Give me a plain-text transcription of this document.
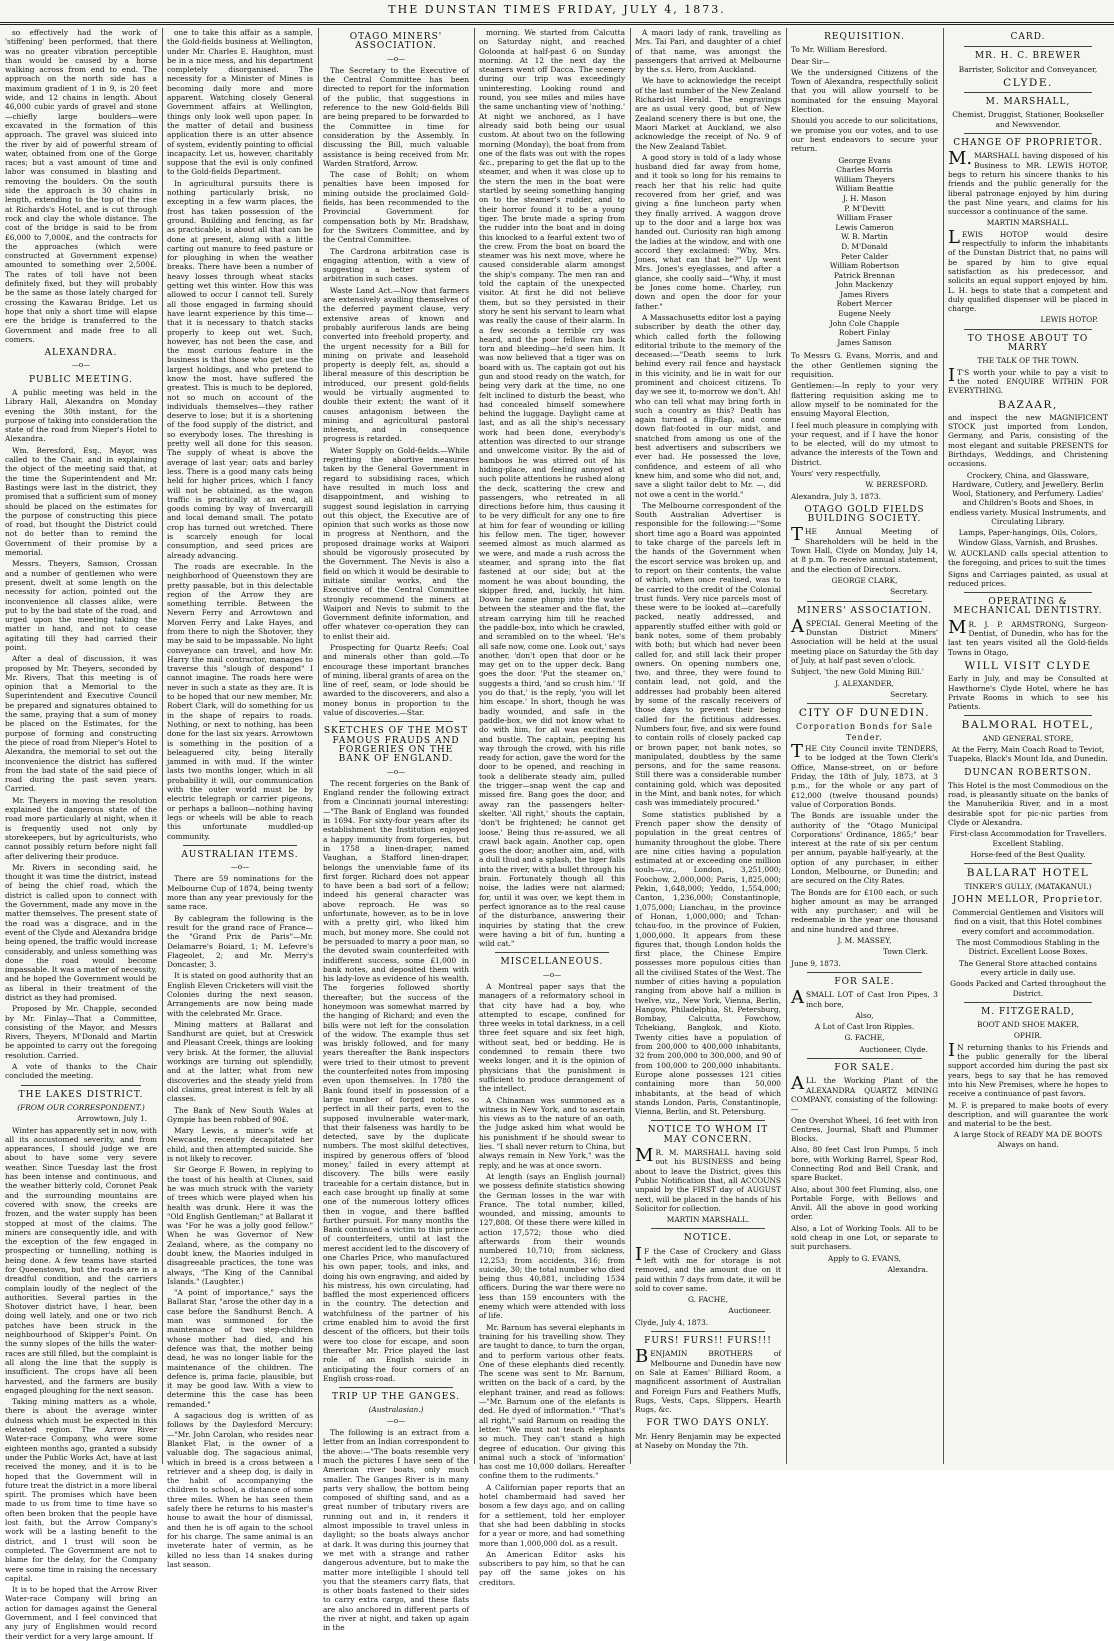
THE DUNSTAN TIMES FRIDAY, JULY 4, 1873.

so effectively had the work of 'stiffening' been performed, that there was no greater vibration perceptible than would be caused by a horse walking across from end to end. The approach on the north side has a maximum gradient of 1 in 9, is 20 feet wide, and 12 chains in length. About 46,000 cubic yards of gravel and stone—chiefly large boulders—were excavated in the formation of this approach. The gravel was sluiced into the river by aid of powerful stream of water, obtained from one of the Gorge races; but a vast amount of time and labor was consumed in blasting and removing the boulders. On the south side the approach is 30 chains in length, extending to the top of the rise at Richards's Hotel, and is cut through rock and clay the whole distance. The cost of the bridge is said to be from £6,000 to 7,000£, and the contracts for the approaches (which were constructed at Government expense) amounted to something over 2,500£. The rates of toll have not been definitely fixed, but they will probably be the same as those lately charged for crossing the Kawarau Bridge. Let us hope that only a short time will elapse ere the bridge is transferred to the Government and made free to all comers.

ALEXANDRA.
—o—
PUBLIC MEETING.

A public meeting was held in the Library Hall, Alexandra on Monday evening the 30th instant, for the purpose of taking into consideration the state of the road from Nieper's Hotel to Alexandra.

Wm. Beresford, Esq., Mayor, was called to the Chair, and in explaining the object of the meeting said that, at the time the Superintendent and Mr. Bastings were last in the district, they promised that a sufficient sum of money should be placed on the estimates for the purpose of constructing this piece of road, but thought the District could not do better than to remind the Government of their promise by a memorial.

Messrs. Theyers, Samson, Crossan and a number of gentlemen who were present, dwelt at some length on the necessity for action, pointed out the inconvenience all classes alike, were put to by the bad state of the road, and urged upon the meeting taking the matter in hand, and not to cease agitating till they had carried their point.

After a deal of discussion, it was proposed by Mr. Theyers, seconded by Mr. Rivers, That this meeting is of opinion that a Memorial to the Superintendent and Executive Council be prepared and signatures obtained to the same, praying that a sum of money be placed on the Estimates, for the purpose of forming and constructing the piece of road from Nieper's Hotel to Alexandra, the memorial to set out the inconvenience the district has suffered from the bad state of the said piece of road during the past seven years. Carried.

Mr. Theyers in moving the resolution explained the dangerous state of the road more particularly at night, when it is frequently used not only by storekeepers, but by agriculturists, who cannot possibly return before night fall after delivering their produce.

Mr. Rivers in seconding said, he thought it was time the district, instead of being the chief road, which the district is called upon to connect with the Government, made any move in the matter themselves. The present state of the road was a disgrace, and in the event of the Clyde and Alexandra bridge being opened, the traffic would increase considerably, and unless something was done the road would become impassable. It was a matter of necessity, and he hoped the Government would be as liberal in their treatment of the district as they had promised.

Proposed by Mr. Chapple, seconded by Mr. Finlay—That a Committee, consisting of the Mayor, and Messrs Rivers, Theyers, M'Donald and Martin be appointed to carry out the foregoing resolution. Carried.

A vote of thanks to the Chair concluded the meeting.

THE LAKES DISTRICT.
(FROM OUR CORRESPONDENT.)

Arrowtown, July 1.

Winter has apparently set in now, with all its accustomed severity, and from appearances, I should judge we are about to have some very severe weather. Since Tuesday last the frost has been intense and continuous, and the weather bitterly cold, Coronet Peak and the surrounding mountains are covered with snow, the creeks are frozen, and the water supply has been stopped at most of the claims. The miners are consequently idle, and with the exception of the few engaged in prospecting or tunnelling, nothing is being done. A few teams have started for Queenstown, but the roads are in a dreadful condition, and the carriers complain loudly of the neglect of the authorities. Several parties in the Shotover district have, I hear, been doing well lately, and one or two rich patches have been struck in the neighbourhood of Skipper's Point. On the sunny slopes of the hills the water-races are still filled, but the complaint is all along the line that the supply is insufficient. The crops have all been harvested, and the farmers are busily engaged ploughing for the next season.

Taking mining matters as a whole, there is about the average winter dulness which must be expected in this elevated region. The Arrow River Water-race Company, who were some eighteen months ago, granted a subsidy under the Public Works Act, have at last received the money, and it is to be hoped that the Government will in future treat the district in a more liberal spirit. The promises which have been made to us from time to time have so often been broken that the people have lost faith, but the Arrow Company's work will be a lasting benefit to the district, and I trust will soon be completed. The Government are not to blame for the delay, for the Company were some time in raising the necessary capital.

It is to be hoped that the Arrow River Water-race Company will bring an action for damages against the General Government, and I feel convinced that any jury of Englishmen would record their verdict for a very large amount. If

one to take this affair as a sample, the Gold-fields business at Wellington, under Mr. Charles E. Haughton, must be in a nice mess, and his department completely disorganised. The necessity for a Minister of Mines is becoming daily more and more apparent. Watching closely General Government affairs at Wellington, things only look well upon paper. In the matter of detail and business application there is an utter absence of system, evidently pointing to official incapacity. Let us, however, charitably suppose that the evil is only confined to the Gold-fields Department.

In agricultural pursuits there is nothing particularly brisk, no excepting in a few warm places, the frost has taken possession of the ground. Building and fencing, as far as practicable, is about all that can be done at present, along with a little carting out manure to feed pasture or for ploughing in when the weather breaks. There have been a number of heavy losses through wheat stacks getting wet this winter. How this was allowed to occur I cannot tell. Surely all those engaged in farming should have learnt experience by this time—that it is necessary to thatch stacks properly to keep out wet. Such, however, has not been the case, and the most curious feature in the business is that those who get use the largest holdings, and who pretend to know the most, have suffered the greatest. This is much to be deplored, not so much on account of the individuals themselves—they rather deserve to lose; but it is a shortening of the food supply of the district, and so everybody loses. The threshing is pretty well all done for this season. The supply of wheat is above the average of last year; oats and barley less. There is a good many cats being held for higher prices, which I fancy will not be obtained, as the wagon traffic is practically at an end, all goods coming by way of Invercargill and local demand small. The potato crop has turned out wretched. There is scarcely enough for local consumption, and seed prices are already advancing.

The roads are execrable. In the neighborhood of Queenstown they are pretty passable, but in this delectable region of the Arrow they are something terrible. Between the Nevern Ferry and Arrowtown and Morven Ferry and Lake Hayes, and from there to nigh the Shotover, they may be said to be impassable. No light conveyance can travel, and how Mr. Harry the mail contractor, manages to traverse this "slough of despond" I cannot imagine. The roads here were never in such a state as they are. It is to be hoped that our new member, Mr. Robert Clark, will do something for us in the shape of repairs to roads. Nothing, or next to nothing, has been done for the last six years. Arrowtown is something in the position of a beleaguered city, being literally jammed in with mud. If the winter lasts two months longer, which in all probability it will, our communication with the outer world must be by electric telegraph or carrier pigeons, or perhaps a balloon—nothing having legs or wheels will be able to reach this unfortunate muddled-up community.

AUSTRALIAN ITEMS.
—o—

There are 59 nominations for the Melbourne Cup of 1874, being twenty more than any year previously for the same race.

By cablegram the following is the result for the grand race of France—the "Grand Prix de Paris"—Mr. Delamarre's Boiard, 1; M. Lefevre's Flageolet, 2; and Mr. Merry's Doncaster, 3.

It is stated on good authority that an English Eleven Cricketers will visit the Colonies during the next season. Arrangements are now being made with the celebrated Mr. Grace.

Mining matters at Ballarat and Sandhurst are quiet, but at Creswick and Pleasant Creek, things are looking very brisk. At the former, the alluvial workings are turning out splendidly, and at the latter, what from new discoveries and the steady yield from old claims, great interest is felt by all classes.

The Bank of New South Wales at Gympie has been robbed of 90£.

Mary Lewis, a miner's wife at Newcastle, recently decapitated her child, and then attempted suicide. She is not likely to recover.

Sir George F. Bowen, in replying to the toast of his health at Clunes, said he was much struck with the variety of trees which were played when his health was drunk. Here it was the "Old English Gentleman;" at Ballarat it was "For he was a jolly good fellow." When he was Governor of New Zealand, where, as the company no doubt knew, the Maories indulged in disagreeable practices, the tone was always, "The King of the Cannibal Islands." (Laughter.)

"A point of importance," says the Ballarat Star, "arose the other day in a case before the Sandhurst Bench. A man was summoned for the maintenance of two step-children whose mother had died, and his defence was that, the mother being dead, he was no longer liable for the maintenance of the children. The defence is, prima facie, plausible, but it may be good law. With a view to determine this the case has been remanded."

A sagacious dog is written of as follows by the Daylesford Mercury:—"Mr. John Carolan, who resides near Blanket Flat, is the owner of a valuable dog. The sagacious animal, which in breed is a cross between a retriever and a sheep dog, is daily in the habit of accompanying the children to school, a distance of some three miles. When he has seen them safely there he returns to his master's house to await the hour of dismissal, and then he is off again to the school for his charge. The same animal is an inveterate hater of vermin, as he killed no less than 14 snakes during last season.

OTAGO MINERS' ASSOCIATION.
—o—

The Secretary to the Executive of the Central Committee has been directed to report for the information of the public, that suggestions in reference to the new Gold-fields Bill are being prepared to be forwarded to the Committee in time for consideration by the Assembly. In discussing the Bill, much valuable assistance is being received from Mr. Warden Stratford, Arrow.

The case of Bohlt; on whom penalties have been imposed for mining outside the proclaimed Gold-fields, has been recommended to the Provincial Government for compensation both by Mr. Bradshaw, for the Switzers Committee, and by the Central Committee.

The Cardrona arbitration case is engaging attention, with a view of suggesting a better system of arbitration in such cases.

Waste Land Act.—Now that farmers are extensively availing themselves of the deferred payment clause, very extensive areas of known and probably auriferous lands are being converted into freehold property, and the urgent necessity for a Bill for mining on private and leasehold property is deeply felt, as, should a liberal measure of this description be introduced, our present gold-fields would be virtually augmented to double their extent; the want of it causes antagonism between the mining and agricultural pastoral interests, and in consequence progress is retarded.

Water Supply on Gold-fields.—While regretting the abortive measures taken by the General Government in regard to subsidising races, which have resulted in much loss and disappointment, and wishing to suggest sound legislation in carrying out this object, the Executive are of opinion that such works as those now in progress at Nenthorn, and the proposed drainage works at Waipori should be vigorously prosecuted by the Government. The Nevis is also a field on which it would be desirable to initiate similar works, and the Executive of the Central Committee strongly recommend the miners at Waipori and Nevis to submit to the Government definite information, and offer whatever co-operation they can to enlist their aid.

Prospecting for Quartz Reefs; Coal and minerals other than gold.—To encourage these important branches of mining, liberal grants of area on the line of reef, seam, or lode should be awarded to the discoverers, and also a money bonus in proportion to the value of discoveries.—Star.

SKETCHES OF THE MOST FAMOUS FRAUDS AND FORGERIES ON THE BANK OF ENGLAND.
—o—

The recent forgeries on the Bank of England render the following extract from a Cincinnati journal interesting:—"The Bank of England was founded in 1694. For sixty-four years after its establishment the Institution enjoyed a happy immunity from forgeries, but in 1758 a linen-draper, named Vaughan, a Stafford linen-draper, belongs the unenviable fame of its first forger. Richard does not appear to have been a bad sort of a fellow; indeed his general character was above reproach. He was so unfortunate, however, as to be in love with a pretty girl, who liked him much, but money more. She could not be persuaded to marry a poor man, so the devoted swain counterfeited with indifferent success, some £1,000 in bank notes, and deposited them with his lady-love as evidence of his wealth. The forgeries followed shortly thereafter; but the success of the honeymoon was somewhat marred by the hanging of Richard; and even the bills were not left for the consolation of the widow. The example thus set was briskly followed, and for many years thereafter the Bank inspectors were tried to their utmost to prevent the counterfeited notes from imposing even upon themselves. In 1780 the Bank found itself in possession of a large number of forged notes, so perfect in all their parts, even to the supposed invulnerable water-mark, that their falseness was hardly to be detected, save by the duplicate numbers. The most skilful detectives, inspired by generous offers of 'blood money,' failed in every attempt at discovery. The bills were easily traceable for a certain distance, but in each case brought up finally at some one of the numerous lottery offices then in vogue, and there baffled further pursuit. For many months the Bank continued a victim to this prince of counterfeiters, until at last the merest accident led to the discovery of one Charles Price, who manufactured his own paper, tools, and inks, and doing his own engraving, and aided by his mistress, his own circulating, had baffled the most experienced officers in the country. The detection and watchfulness of the partner of his crime enabled him to avoid the first descent of the officers, but their toils were too close for escape, and soon thereafter Mr. Price played the last role of an English suicide in anticipating the four corners of an English cross-road.

TRIP UP THE GANGES.
(Australasian.)
—o—

The following is an extract from a letter from an Indian correspondent to the above:—"The boats resemble very much the pictures I have seen of the American river boats, only much smaller. The Ganges River is in many parts very shallow, the bottom being composed of shifting sand, and as a great number of tributary rivers are running out and in, it renders it almost impossible to travel unless in daylight; so the boats always anchor at dark. It was during this journey that we met with a strange and rather dangerous adventure, but to make the matter more intelligible I should tell you that the steamers carry flats, that is other boats fastened to their sides to carry extra cargo, and these flats are also anchored in different parts of the river at night, and taken up again in the

morning. We started from Calcutta on Saturday night, and reached Goloonda at half-past 6 on Sunday morning. At 12 the next day the steamers went off Dacca. The scenery during our trip was exceedingly uninteresting. Looking round and round, you see miles and miles have the same unchanting view of 'nothing.' At night we anchored, as I have already said both being our usual custom. At about two on the following morning (Monday), the boat from from one of the flats was out with the ropes &c., preparing to get the flat up to the steamer, and when it was close up to the stern the men in the boat were startled by seeing something hanging on to the steamer's rudder, and to their horror found it to be a young tiger. The brute made a spring from the rudder into the boat and in doing this knocked to a fearful extent two of the crew. From the boat on board the steamer was his next move, where he caused considerable alarm amongst the ship's company. The men ran and told the captain of the unexpected visitor. At first he did not believe them, but so they persisted in their story he sent his servant to learn what was really the cause of their alarm. In a few seconds a terrible cry was heard, and the poor fellow ran back torn and bleeding—he'd seen him. It was now believed that a tiger was on board with us. The captain got out his gun and stood ready on the watch, for being very dark at the time, no one felt inclined to disturb the beast, who had concealed himself somewhere behind the luggage. Daylight came at last, and as all the ship's necessary work had been done, everybody's attention was directed to our strange and unwelcome visitor. By the aid of bamboos he was stirred out of his hiding-place, and feeling annoyed at such polite attentions he rushed along the deck, scattering the crew and passengers, who retreated in all directions before him, thus causing it to be very difficult for any one to fire at him for fear of wounding or killing his fellow men. The tiger, however seemed almost as much alarmed as we were, and made a rush across the steamer, and sprang into the flat fastened at our side; but at the moment he was about bounding, the skipper fired, and, luckily, hit him. Down he came plump into the water between the steamer and the flat, the stream carrying him till he reached the paddle-box, into which he crawled, and scrambled on to the wheel. 'He's all safe now, come one. Look out,' says another, 'don't open that door or he may get on to the upper deck. Bang goes the door. 'Put the steamer on,' suggests a third, 'and so crush him.' 'If you do that,' is the reply, 'you will let him escape.' In short, though he was badly wounded, and safe in the paddle-box, we did not know what to do with him, for all was excitement and bustle. The captain, peeping his way through the crowd, with his rifle ready for action, gave the word for the door to be opened, and reaching in took a deliberate steady aim, pulled the trigger—snap went the cap and missed fire. Bang goes the door, and away ran the passengers helter-skelter. 'All right,' shouts the captain, 'don't be frightened; he cannot get loose.' Being thus re-assured, we all crawl back again. Another cap, open goes the door; another aim, and, with a dull thud and a splash, the tiger falls into the river, with a bullet through his brain. Fortunately though all this noise, the ladies were not alarmed; for, until it was over, we kept them in perfect ignorance as to the real cause of the disturbance, answering their inquiries by stating that the crew were having a bit of fun, hunting a wild cat."

MISCELLANEOUS.
—o—

A Montreal paper says that the managers of a reformatory school in that city have had a boy, who attempted to escape, confined for three weeks in total darkness, in a cell three feet square and six feet high, without seat, bed or bedding. He is condemned to remain there two weeks longer, and it is the opinion of physicians that the punishment is sufficient to produce derangement of the intellect.

A Chinaman was summoned as a witness in New York, and to ascertain his views as to the nature of an oath, the Judge asked him what would be his punishment if he should swear to lies. "I shall never return to China, but always remain in New York," was the reply, and he was at once sworn.

At length (says an English journal) we possess definite statistics showing the German losses in the war with France. The total number, killed, wounded, and missing, amounts to 127,808. Of these there were killed in action 17,572; those who died afterwards from their wounds numbered 10,710; from sickness, 12,253; from accidents, 316; from suicide, 30; the total number who died being thus 40,881, including 1534 officers. During the war there were no less than 159 encounters with the enemy which were attended with loss of life.

Mr. Barnum has several elephants in training for his travelling show. They are taught to dance, to turn the organ, and to perform various other feats. One of these elephants died recently. The scene was sent to Mr. Barnum, written on the back of a card, by the elephant trainer, and read as follows:—"Mr. Barnum one of the elefants is ded. He dyed of inflormation." "That's all right," said Barnum on reading the letter. "We must not teach elephants so much. They can't stand a high degree of education. Our giving this animal such a stock of 'information' has cost me 10,000 dollars. Hereafter confine them to the rudiments."

A Californian paper reports that an hotel chambermaid had saved her bosom a few days ago, and on calling for a settlement, told her employer that she had been dabbling in stocks for a year or more, and had something more than 1,000,000 dol. as a result.

An American Editor asks his subscribers to pay him, so that he can pay off the same jokes on his creditors.

A maori lady of rank, travelling as Mrs. Tai Pari, and daughter of a chief of that name, was amongst the passengers that arrived at Melbourne by the s.s. Hero, from Auckland.

We have to acknowledge the receipt of the last number of the New Zealand Richard-ist Herald. The engravings are as usual very good, but of New Zealand scenery there is but one, the Maori Market at Auckland, we also acknowledge the receipt of No. 9 of the New Zealand Tablet.

A good story is told of a lady whose husband died far away from home, and it took so long for his remains to reach her that his relic had quite recovered from her grief, and was giving a fine luncheon party when they finally arrived. A waggon drove up to the door and a large box was handed out. Curiosity ran high among the ladies at the window, and with one accord they exclaimed: "Why, Mrs. Jones, what can that be?" Up went Mrs. Jones's eyeglasses, and after a glance, she coolly said—"Why, it must be Jones come home. Charley, run down and open the door for your father."

A Massachusetts editor lost a paying subscriber by death the other day, which called forth the following editorial tribute to the memory of the deceased:—"Death seems to lurk behind every rail fence and haystack in this vicinity, and lie in wait for our prominent and choicest citizens. To day we see it, to-morrow we don't. Ah! who can tell what may bring forth in such a country as this? Death has again turned a flip-flap, and come down flat-footed in our midst, and snatched from among us one of the best advertisers and subscribers we ever had. He possessed the love, confidence, and esteem of all who knew him, and some who did not, and, save a slight tailor debt to Mr. —, did not owe a cent in the world."

The Melbourne correspondent of the South Australian Advertiser is responsible for the following:—"Some short time ago a Board was appointed to take charge of the parcels left in the hands of the Government when the escort service was broken up, and to report on their contents, the value of which, when once realised, was to be carried to the credit of the Colonial trust funds. Very nice parcels most of these were to be looked at—carefully packed, neatly addressed, and apparently stuffed either with gold or bank notes, some of them probably with both; but which had never been called for, and still lack their proper owners. On opening numbers one, two, and three, they were found to contain lead, not gold, and the addresses had probably been altered by some of the rascally receivers of those days to prevent their being called for the fictitious addresses. Numbers four, five, and six were found to contain rolls of closely packed cap or brown paper, not bank notes, so manipulated, doubtless by the same persons, and for the same reasons. Still there was a considerable number containing gold, which was deposited in the Mint, and bank notes, for which cash was immediately procured."

Some statistics published by a French paper show the density of population in the great centres of humanity throughout the globe. There are nine cities having a population estimated at or exceeding one million souls—viz., London, 3,251,000; Foochow, 2,000,000; Paris, 1,825,000; Pekin, 1,648,000; Yeddo, 1,554,000; Canton, 1,236,000; Constantinople, 1,075,000; Lianchau, in the province of Honan, 1,000,000; and Tchan-tchau-foo, in the province of Fukien, 1,000,000. It appears from these figures that, though London holds the first place, the Chinese Empire possesses more populous cities than all the civilised States of the West. The number of cities having a population ranging from above half a million is twelve, viz., New York, Vienna, Berlin, Hangow, Philadelphia, St. Petersburg, Bombay, Calcutta, Fowchow, Tchekiang, Bangkok, and Kioto. Twenty cities have a population of from 200,000 to 400,000 inhabitants, 32 from 200,000 to 300,000, and 90 of from 100,000 to 200,000 inhabitants. Europe alone possesses 121 cities containing more than 50,000 inhabitants, at the head of which stands London, Paris, Constantinople, Vienna, Berlin, and St. Petersburg.

NOTICE TO WHOM IT MAY CONCERN.

MR. M. MARSHALL having sold out his BUSINESS and being about to leave the District, gives this Public Notification that, all ACCOUNS unpaid by the FIRST day of AUGUST next, will be placed in the hands of his Solicitor for collection.

MARTIN MARSHALL.

NOTICE.

IF the Case of Crockery and Glass left with me for storage is not removed, and the amount due on it paid within 7 days from date, it will be sold to cover same.

G. FACHE,

Auctioneer.

Clyde, July 4, 1873.

FURS! FURS!! FURS!!!

BENJAMIN BROTHERS of Melbourne and Dunedin have now on Sale at Eames' Billiard Room, a magnificent assortment of Australian and Foreign Furs and Feathers Muffs, Rugs, Vests, Caps, Slippers, Hearth Rugs, &c.

FOR TWO DAYS ONLY.

Mr. Henry Benjamin may be expected at Naseby on Monday the 7th.

REQUISITION.

To Mr. William Beresford.

Dear Sir—

We the undersigned Citizens of the Town of Alexandra, respectfully solicit that you will allow yourself to be nominated for the ensuing Mayoral Election.

Should you accede to our solicitations, we promise you our votes, and to use our best endeavors to secure your return.

George Evans
Charles Morris
William Theyers
William Beattie
J. H. Mason
P. M'Devitt
William Fraser
Lewis Cameron
W. B. Martin
D. M'Donald
Peter Calder
William Robertson
Patrick Brennan
John Mackenzy
James Rivers
Robert Mercer
Eugene Neely
John Cole Chapple
Robert Finlay
James Samson

To Messrs G. Evans, Morris, and and the other Gentlemen signing the requisition.

Gentlemen:—In reply to your very flattering requisition asking me to allow myself to be nominated for the ensuing Mayoral Election,

I feel much pleasure in complying with your request, and if I have the honor to be elected, will do my utmost to advance the interests of the Town and District.

Yours' very respectfully,

W. BERESFORD.

Alexandra, July 3, 1873.

OTAGO GOLD FIELDS BUILDING SOCIETY.

THE Annual Meeting of Shareholders will be held in the Town Hall, Clyde on Monday, July 14, at 8 p.m. To receive annual statement, and the election of Directors.

GEORGE CLARK,

Secretary.

MINERS' ASSOCIATION.

ASPECIAL General Meeting of the Dunstan District Miners' Association will be held at the usual meeting place on Saturday the 5th day of July, at half past seven o'clock.

Subject, 'the new Gold Mining Bill.'

J. ALEXANDER,

Secretary.

CITY OF DUNEDIN.

Corporation Bonds for Sale

Tender.

THE City Council invite TENDERS, to be lodged at the Town Clerk's Office, Manse-street, on or before Friday, the 18th of July, 1873, at 3 p.m., for the whole or any part of £12,000 (twelve thousand pounds) value of Corporation Bonds.

The Bonds are issuable under the authority of the "Otago Municipal Corporations' Ordinance, 1865;" bear interest at the rate of six per centum per annum, payable half-yearly, at the option of any purchaser, in either London, Melbourne, or Dunedin; and are secured on the City Rates.

The Bonds are for £100 each, or such higher amount as may be arranged with any purchaser; and will be redeemable in the year one thousand and nine hundred and three.

J. M. MASSEY,

Town Clerk.

June 9, 1873.

FOR SALE.

ASMALL LOT of Cast Iron Pipes, 3 inch bore,

Also,

A Lot of Cast Iron Ripples.

G. FACHE,

Auctioneer, Clyde.

FOR SALE.

ALL the Working Plant of the ALEXANDRA QUARTZ MINING COMPANY, consisting of the following:—

One Overshot Wheel, 16 feet with Iron Centres, Journal, Shaft and Plummer Blocks.

Also, 80 feet Cast Iron Pumps, 5 inch bore, with Working Barrel, Spear Rod, Connecting Rod and Bell Crank, and spare Bucket.

Also, about 300 feet Fluming, also, one Portable Forge, with Bellows and Anvil. All the above in good working order.

Also, a Lot of Working Tools. All to be sold cheap in one Lot, or separate to suit purchasers.

Apply to G. EVANS,

Alexandra.

CARD.
MR. H. C. BREWER

Barrister, Solicitor and Conveyancer,

CLYDE.
M. MARSHALL,

Chemist, Druggist, Stationer, Bookseller and Newsvendor.

CHANGE OF PROPRIETOR.

M.MARSHALL having disposed of his Business to MR. LEWIS HOTOP, begs to return his sincere thanks to his friends and the public generally for the liberal patronage enjoyed by him during the past Nine years, and claims for his successor a continuance of the same.

MARTIN MARSHALL.

LEWIS HOTOP would desire respectfully to inform the inhabitants of the Dunstan District that, no pains will be spared by him to give equal satisfaction as his predecessor, and solicits an equal support enjoyed by him. L. H. begs to state that a competent and duly qualified dispenser will be placed in charge.

LEWIS HOTOP.

TO THOSE ABOUT TO MARRY

THE TALK OF THE TOWN.

IT'S worth your while to pay a visit to the noted ENQUIRE WITHIN FOR EVERYTHING.

BAZAAR,

and inspect the new MAGNIFICENT STOCK just imported from London, Germany, and Paris, consisting of the most elegant and suitable PRESENTS for Birthdays, Weddings, and Christening occasions.

Crockery, China, and Glassware, Hardware, Cutlery, and Jewellery. Berlin Wool, Stationery, and Perfumery. Ladies' and Children's Boots and Shoes, in endless variety. Musical Instruments, and Circulating Library.

Lamps, Paper-hangings, Oils, Colors, Window Glass, Varnish, and Brushes.

W. AUCKLAND calls special attention to the foregoing, and prices to suit the times

Signs and Carriages painted, as usual at reduced prices.

OPERATING & MECHANICAL DENTISTRY.

MR. J. P. ARMSTRONG, Surgeon-Dentist, of Dunedin, who has for the last ten years visited all the Gold-fields Towns in Otago,

WILL VISIT CLYDE

Early in July, and may be Consulted at Hawthorne's Clyde Hotel, where he has Private Rooms in which to see his Patients.

BALMORAL HOTEL,

AND GENERAL STORE,

At the Ferry, Main Coach Road to Teviot, Tuapeka, Black's Mount Ida, and Dunedin.

DUNCAN ROBERTSON.

This Hotel is the most Commodious on the road, is pleasantly situate on the banks of the Manuherikia River, and in a most desirable spot for pic-nic parties from Clyde or Alexandra.

First-class Accommodation for Travellers. Excellent Stabling.

Horse-feed of the Best Quality.

BALLARAT HOTEL

TINKER'S GULLY, (MATAKANUI.)

JOHN MELLOR, Proprietor.

Commercial Gentlemen and Visitors will find on a visit, that this Hotel combines every comfort and accommodation.

The most Commodious Stabling in the District. Excellent Loose Boxes.

The General Store attached contains every article in daily use.

Goods Packed and Carted throughout the District.

M. FITZGERALD,

BOOT AND SHOE MAKER,

OPHIR.

IN returning thanks to his Friends and the public generally for the liberal support accorded him during the past six years, begs to say that he has removed into his New Premises, where he hopes to receive a continuance of past favors.

M. F. is prepared to make boots of every description, and will guarantee the work and material to be the best.

A large Stock of READY MA DE BOOTS Always on hand.
